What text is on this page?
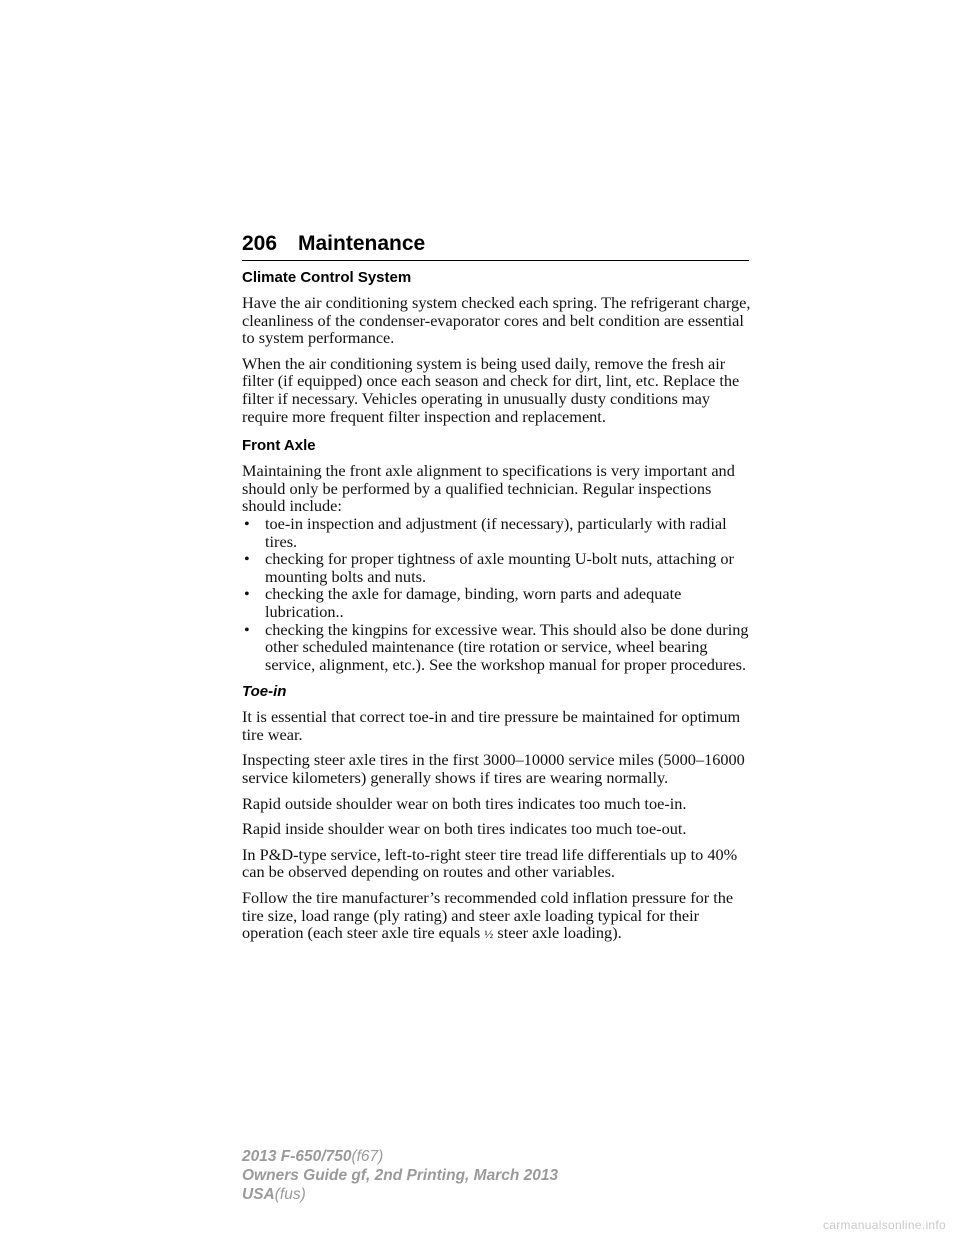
206 Maintenance
Climate Control System

Have the air conditioning system checked each spring. The refrigerant charge, cleanliness of the condenser-evaporator cores and belt condition are essential to system performance.

When the air conditioning system is being used daily, remove the fresh air filter (if equipped) once each season and check for dirt, lint, etc. Replace the filter if necessary. Vehicles operating in unusually dusty conditions may require more frequent filter inspection and replacement.

Front Axle

Maintaining the front axle alignment to specifications is very important and should only be performed by a qualified technician. Regular inspections should include:

• toe-in inspection and adjustment (if necessary), particularly with radial tires.
• checking for proper tightness of axle mounting U-bolt nuts, attaching or mounting bolts and nuts.
• checking the axle for damage, binding, worn parts and adequate lubrication..
• checking the kingpins for excessive wear. This should also be done during other scheduled maintenance (tire rotation or service, wheel bearing service, alignment, etc.). See the workshop manual for proper procedures.
Toe-in

It is essential that correct toe-in and tire pressure be maintained for optimum tire wear.

Inspecting steer axle tires in the first 3000–10000 service miles (5000–16000 service kilometers) generally shows if tires are wearing normally.

Rapid outside shoulder wear on both tires indicates too much toe-in.

Rapid inside shoulder wear on both tires indicates too much toe-out.

In P&D-type service, left-to-right steer tire tread life differentials up to 40% can be observed depending on routes and other variables.

Follow the tire manufacturer’s recommended cold inflation pressure for the tire size, load range (ply rating) and steer axle loading typical for their operation (each steer axle tire equals ½ steer axle loading).

2013 F-650/750(f67)
Owners Guide gf, 2nd Printing, March 2013
USA(fus)
carmanualsonline.info
